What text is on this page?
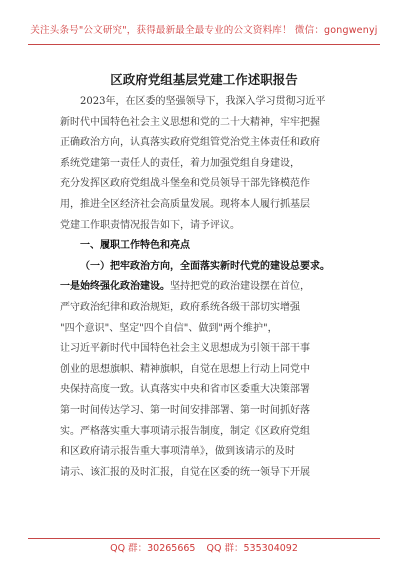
关注头条号"公文研究"，获得最新最全最专业的公文资料库！ 微信：gongwenyj
区政府党组基层党建工作述职报告

2023年，在区委的坚强领导下，我深入学习贯彻习近平
新时代中国特色社会主义思想和党的二十大精神，牢牢把握
正确政治方向，认真落实政府党组管党治党主体责任和政府
系统党建第一责任人的责任，着力加强党组自身建设，
充分发挥区政府党组战斗堡垒和党员领导干部先锋模范作
用，推进全区经济社会高质量发展。现将本人履行抓基层
党建工作职责情况报告如下，请予评议。

一、履职工作特色和亮点

（一）把牢政治方向，全面落实新时代党的建设总要求。

一是始终强化政治建设。坚持把党的政治建设摆在首位，
严守政治纪律和政治规矩，政府系统各级干部切实增强
"四个意识"、坚定"四个自信"、做到"两个维护"，
让习近平新时代中国特色社会主义思想成为引领干部干事
创业的思想旗帜、精神旗帜，自觉在思想上行动上同党中
央保持高度一致。认真落实中央和省市区委重大决策部署
第一时间传达学习、第一时间安排部署、第一时间抓好落
实。严格落实重大事项请示报告制度，制定《区政府党组
和区政府请示报告重大事项清单》，做到该请示的及时
请示、该汇报的及时汇报，自觉在区委的统一领导下开展

QQ 群：30265665 QQ 群：535304092
